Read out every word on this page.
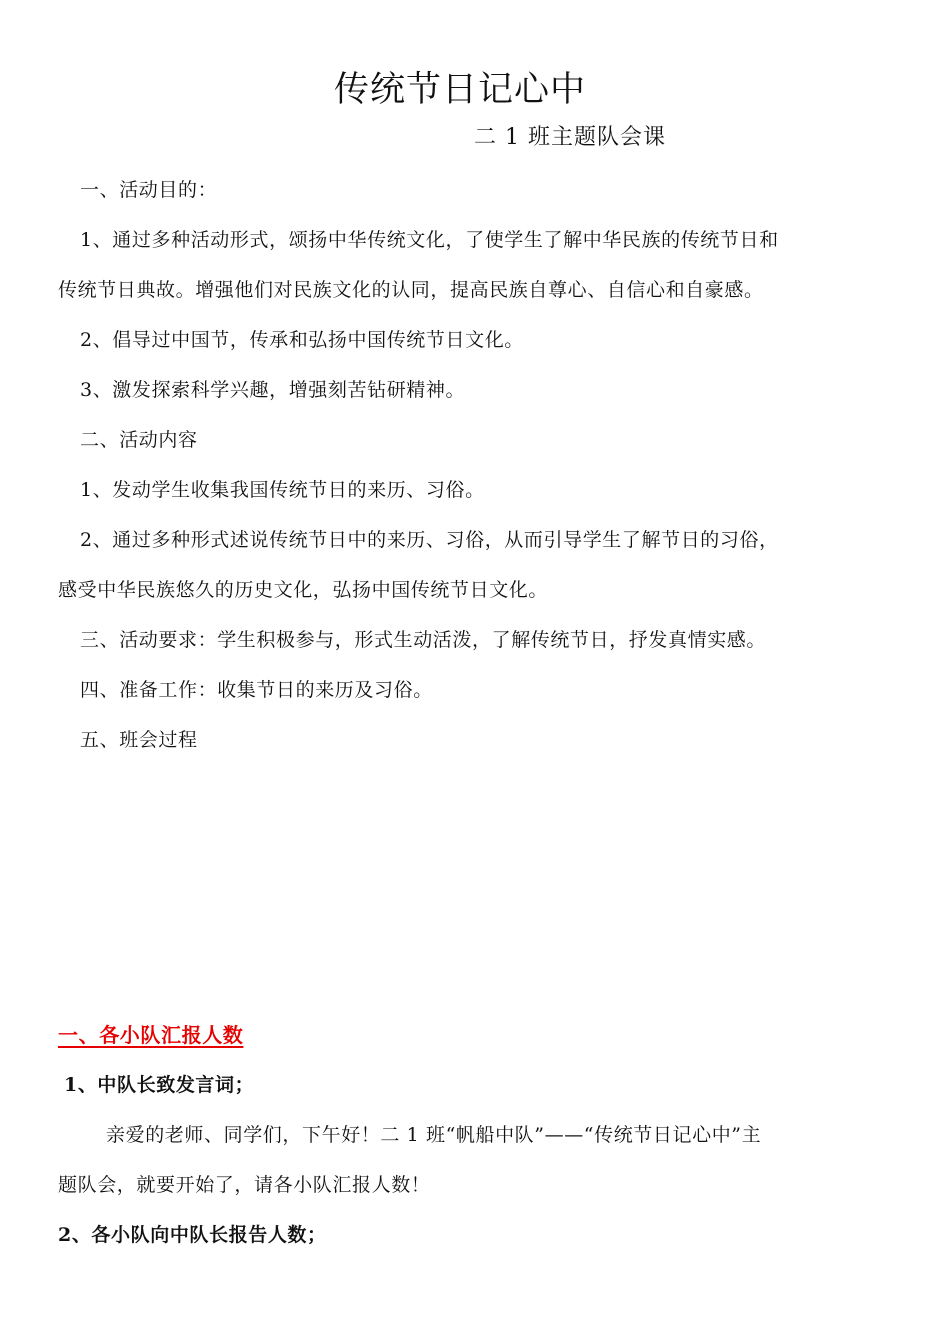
传统节日记心中
二 1 班主题队会课
一、活动目的：
1、通过多种活动形式，颂扬中华传统文化，了使学生了解中华民族的传统节日和
传统节日典故。增强他们对民族文化的认同，提高民族自尊心、自信心和自豪感。
2、倡导过中国节，传承和弘扬中国传统节日文化。
3、激发探索科学兴趣，增强刻苦钻研精神。
二、活动内容
1、发动学生收集我国传统节日的来历、习俗。
2、通过多种形式述说传统节日中的来历、习俗，从而引导学生了解节日的习俗，
感受中华民族悠久的历史文化，弘扬中国传统节日文化。
三、活动要求：学生积极参与，形式生动活泼，了解传统节日，抒发真情实感。
四、准备工作：收集节日的来历及习俗。
五、班会过程
一、各小队汇报人数
1、中队长致发言词；
亲爱的老师、同学们，下午好！二 1 班“帆船中队”——“传统节日记心中”主
题队会，就要开始了，请各小队汇报人数！
2、各小队向中队长报告人数；
